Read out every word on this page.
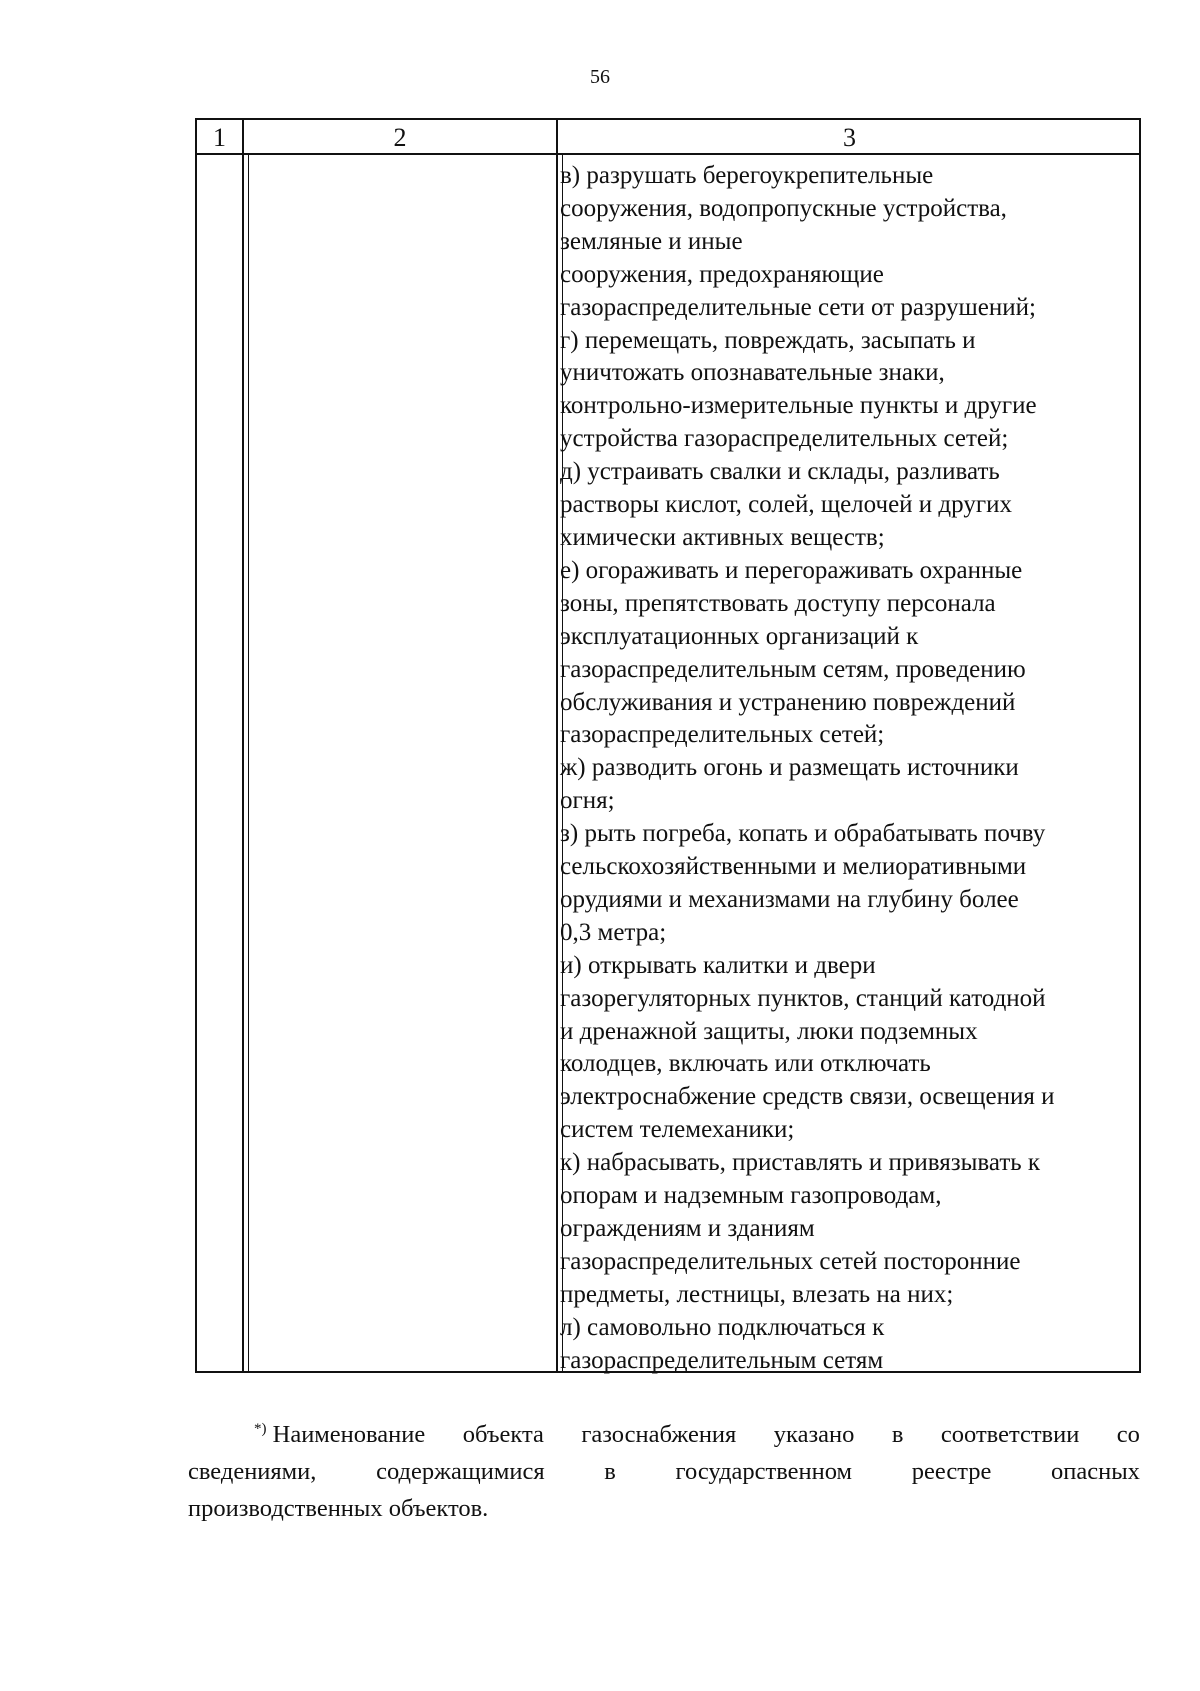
56
1	2	3
в) разрушать берегоукрепительные
сооружения, водопропускные устройства,
земляные и иные
сооружения, предохраняющие
газораспределительные сети от разрушений;
г) перемещать, повреждать, засыпать и
уничтожать опознавательные знаки,
контрольно-измерительные пункты и другие
устройства газораспределительных сетей;
д) устраивать свалки и склады, разливать
растворы кислот, солей, щелочей и других
химически активных веществ;
е) огораживать и перегораживать охранные
зоны, препятствовать доступу персонала
эксплуатационных организаций к
газораспределительным сетям, проведению
обслуживания и устранению повреждений
газораспределительных сетей;
ж) разводить огонь и размещать источники
огня;
з) рыть погреба, копать и обрабатывать почву
сельскохозяйственными и мелиоративными
орудиями и механизмами на глубину более
0,3 метра;
и) открывать калитки и двери
газорегуляторных пунктов, станций катодной
и дренажной защиты, люки подземных
колодцев, включать или отключать
электроснабжение средств связи, освещения и
систем телемеханики;
к) набрасывать, приставлять и привязывать к
опорам и надземным газопроводам,
ограждениям и зданиям
газораспределительных сетей посторонние
предметы, лестницы, влезать на них;
л) самовольно подключаться к
газораспределительным сетям
*) Наименование объекта газоснабжения указано в соответствии со
сведениями, содержащимися в государственном реестре опасных
производственных объектов.
